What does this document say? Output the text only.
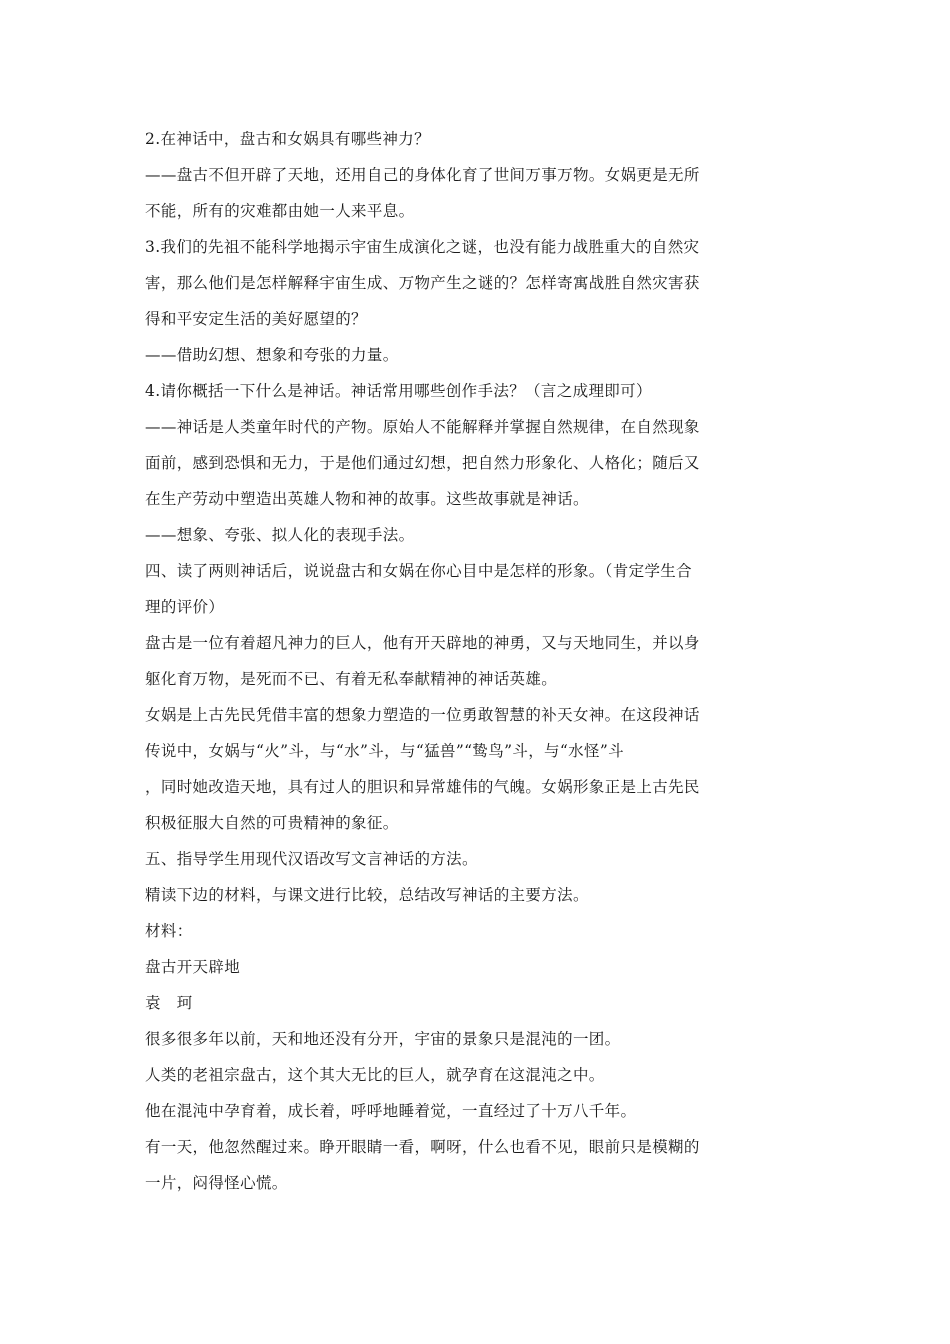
2.在神话中，盘古和女娲具有哪些神力？
——盘古不但开辟了天地，还用自己的身体化育了世间万事万物。女娲更是无所
不能，所有的灾难都由她一人来平息。
3.我们的先祖不能科学地揭示宇宙生成演化之谜，也没有能力战胜重大的自然灾
害，那么他们是怎样解释宇宙生成、万物产生之谜的？怎样寄寓战胜自然灾害获
得和平安定生活的美好愿望的？
——借助幻想、想象和夸张的力量。
4.请你概括一下什么是神话。神话常用哪些创作手法？（言之成理即可）
——神话是人类童年时代的产物。原始人不能解释并掌握自然规律，在自然现象
面前，感到恐惧和无力，于是他们通过幻想，把自然力形象化、人格化；随后又
在生产劳动中塑造出英雄人物和神的故事。这些故事就是神话。
——想象、夸张、拟人化的表现手法。
四、读了两则神话后，说说盘古和女娲在你心目中是怎样的形象。（肯定学生合
理的评价）
盘古是一位有着超凡神力的巨人，他有开天辟地的神勇，又与天地同生，并以身
躯化育万物，是死而不已、有着无私奉献精神的神话英雄。
女娲是上古先民凭借丰富的想象力塑造的一位勇敢智慧的补天女神。在这段神话
传说中，女娲与“火”斗，与“水”斗，与“猛兽”“鸷鸟”斗，与“水怪”斗
，同时她改造天地，具有过人的胆识和异常雄伟的气魄。女娲形象正是上古先民
积极征服大自然的可贵精神的象征。
五、指导学生用现代汉语改写文言神话的方法。
精读下边的材料，与课文进行比较，总结改写神话的主要方法。
材料：
盘古开天辟地
袁　珂
很多很多年以前，天和地还没有分开，宇宙的景象只是混沌的一团。
人类的老祖宗盘古，这个其大无比的巨人，就孕育在这混沌之中。
他在混沌中孕育着，成长着，呼呼地睡着觉，一直经过了十万八千年。
有一天，他忽然醒过来。睁开眼睛一看，啊呀，什么也看不见，眼前只是模糊的
一片，闷得怪心慌。
